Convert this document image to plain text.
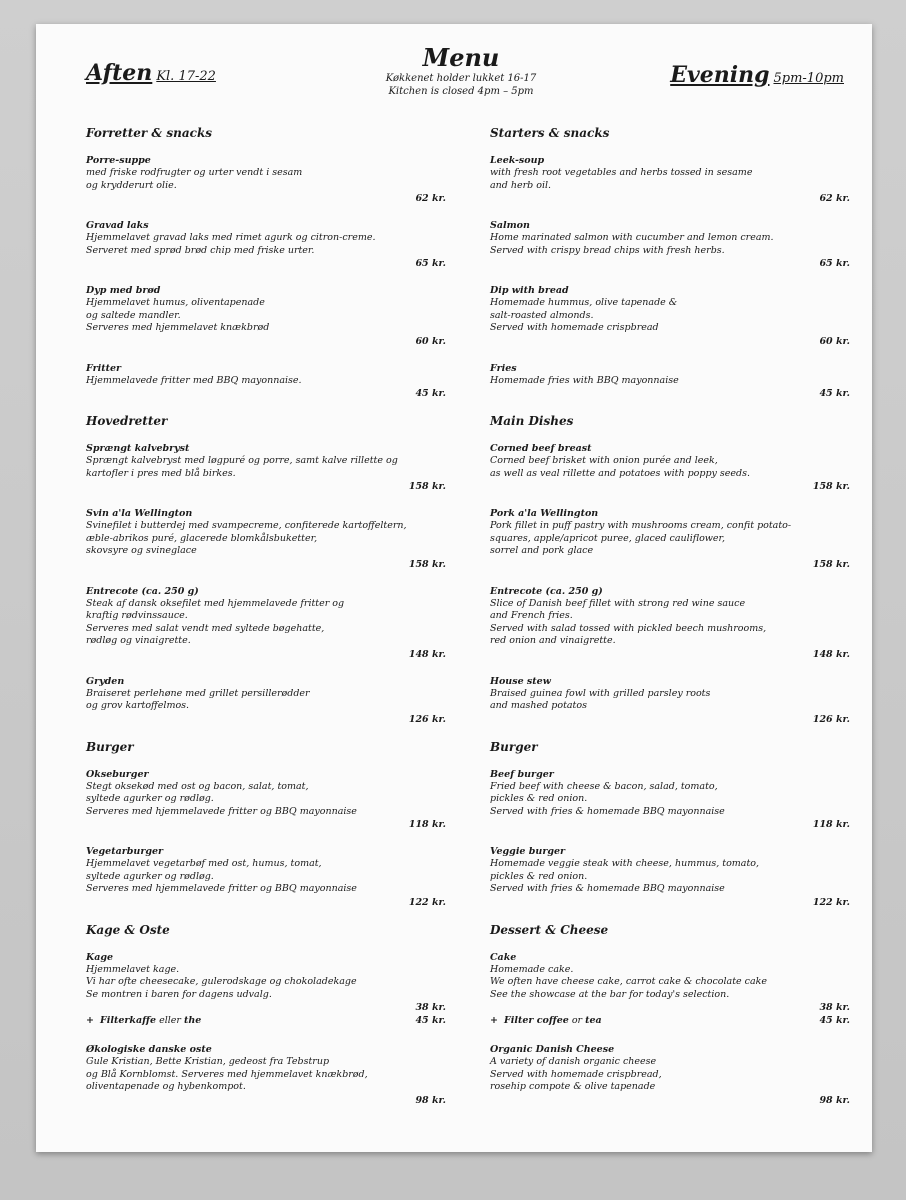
Aften Kl. 17-22
Menu
Køkkenet holder lukket 16-17
Kitchen is closed 4pm – 5pm
Evening 5pm-10pm
Forretter & snacks
Porre-suppe
med friske rodfrugter og urter vendt i sesam
og krydderurt olie.
62 kr.
Gravad laks
Hjemmelavet gravad laks med rimet agurk og citron-creme.
Serveret med sprød brød chip med friske urter.
65 kr.
Dyp med brød
Hjemmelavet humus, oliventapenade
og saltede mandler.
Serveres med hjemmelavet knækbrød
60 kr.
Fritter
Hjemmelavede fritter med BBQ mayonnaise.
45 kr.
Hovedretter
Sprængt kalvebryst
Sprængt kalvebryst med løgpuré og porre, samt kalve rillette og
kartofler i pres med blå birkes.
158 kr.
Svin a'la Wellington
Svinefilet i butterdej med svampecreme, confiterede kartoffeltern,
æble-abrikos puré, glacerede blomkålsbuketter,
skovsyre og svineglace
158 kr.
Entrecote (ca. 250 g)
Steak af dansk oksefilet med hjemmelavede fritter og
kraftig rødvinssauce.
Serveres med salat vendt med syltede bøgehatte,
rødløg og vinaigrette.
148 kr.
Gryden
Braiseret perlehøne med grillet persillerødder
og grov kartoffelmos.
126 kr.
Burger
Okseburger
Stegt oksekød med ost og bacon, salat, tomat,
syltede agurker og rødløg.
Serveres med hjemmelavede fritter og BBQ mayonnaise
118 kr.
Vegetarburger
Hjemmelavet vegetarbøf med ost, humus, tomat,
syltede agurker og rødløg.
Serveres med hjemmelavede fritter og BBQ mayonnaise
122 kr.
Kage & Oste
Kage
Hjemmelavet kage.
Vi har ofte cheesecake, gulerodskage og chokoladekage
Se montren i baren for dagens udvalg.
38 kr.
+ Filterkaffe eller the	45 kr.
Økologiske danske oste
Gule Kristian, Bette Kristian, gedeost fra Tebstrup
og Blå Kornblomst. Serveres med hjemmelavet knækbrød,
oliventapenade og hybenkompot.
98 kr.
Starters & snacks
Leek-soup
with fresh root vegetables and herbs tossed in sesame
and herb oil.
62 kr.
Salmon
Home marinated salmon with cucumber and lemon cream.
Served with crispy bread chips with fresh herbs.
65 kr.
Dip with bread
Homemade hummus, olive tapenade &
salt-roasted almonds.
Served with homemade crispbread
60 kr.
Fries
Homemade fries with BBQ mayonnaise
45 kr.
Main Dishes
Corned beef breast
Corned beef brisket with onion purée and leek,
as well as veal rillette and potatoes with poppy seeds.
158 kr.
Pork a'la Wellington
Pork fillet in puff pastry with mushrooms cream, confit potato-
squares, apple/apricot puree, glaced cauliflower,
sorrel and pork glace
158 kr.
Entrecote (ca. 250 g)
Slice of Danish beef fillet with strong red wine sauce
and French fries.
Served with salad tossed with pickled beech mushrooms,
red onion and vinaigrette.
148 kr.
House stew
Braised guinea fowl with grilled parsley roots
and mashed potatos
126 kr.
Burger
Beef burger
Fried beef with cheese & bacon, salad, tomato,
pickles & red onion.
Served with fries & homemade BBQ mayonnaise
118 kr.
Veggie burger
Homemade veggie steak with cheese, hummus, tomato,
pickles & red onion.
Served with fries & homemade BBQ mayonnaise
122 kr.
Dessert & Cheese
Cake
Homemade cake.
We often have cheese cake, carrot cake & chocolate cake
See the showcase at the bar for today's selection.
38 kr.
+ Filter coffee or tea	45 kr.
Organic Danish Cheese
A variety of danish organic cheese
Served with homemade crispbread,
rosehip compote & olive tapenade
98 kr.
